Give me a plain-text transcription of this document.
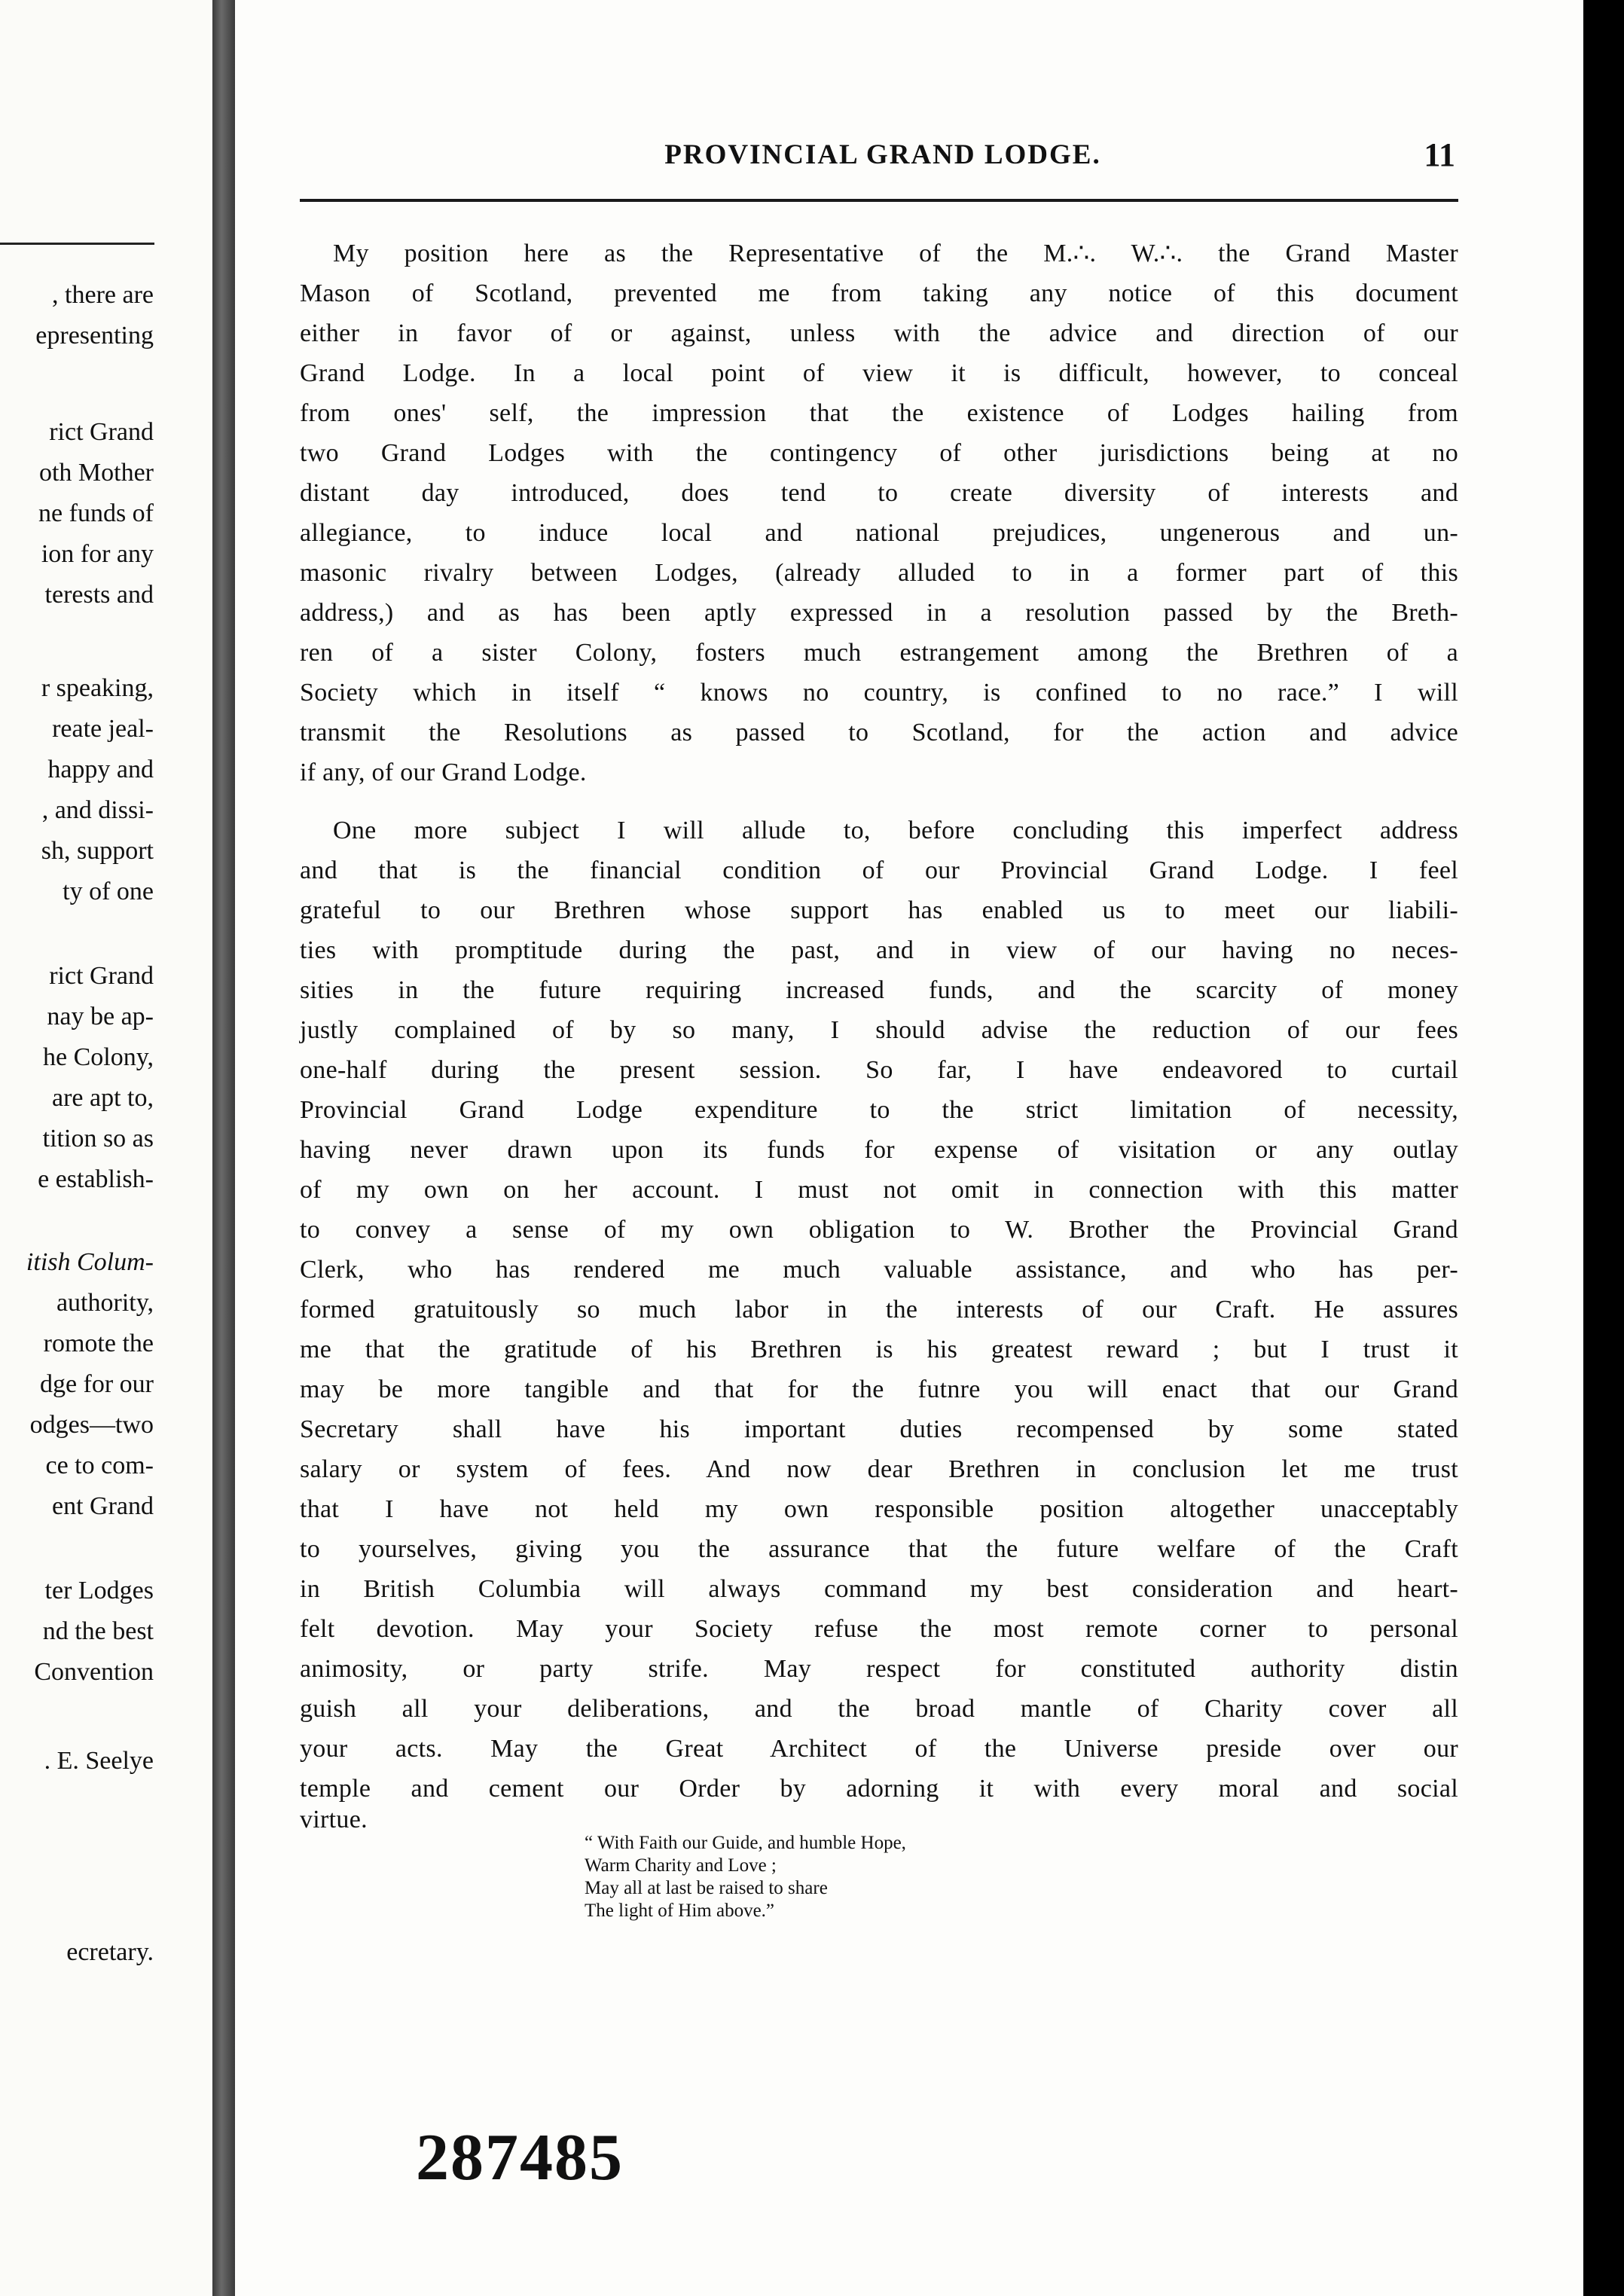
, there are
epresenting
rict Grand
oth Mother
ne funds of
ion for any
terests and
r speaking,
reate jeal-
happy and
, and dissi-
sh, support
ty of one
rict Grand
nay be ap-
he Colony,
are apt to,
tition so as
e establish-
itish Colum-
authority,
romote the
dge for our
odges—two
ce to com-
ent Grand
ter Lodges
nd the best
Convention
. E. Seelye
ecretary.
PROVINCIAL GRAND LODGE.	11
My position here as the Representative of the M.∴. W.∴. the Grand Master
Mason of Scotland, prevented me from taking any notice of this document
either in favor of or against, unless with the advice and direction of our
Grand Lodge. In a local point of view it is difficult, however, to conceal
from ones' self, the impression that the existence of Lodges hailing from
two Grand Lodges with the contingency of other jurisdictions being at no
distant day introduced, does tend to create diversity of interests and
allegiance, to induce local and national prejudices, ungenerous and un-
masonic rivalry between Lodges, (already alluded to in a former part of this
address,) and as has been aptly expressed in a resolution passed by the Breth-
ren of a sister Colony, fosters much estrangement among the Brethren of a
Society which in itself “ knows no country, is confined to no race.” I will
transmit the Resolutions as passed to Scotland, for the action and advice
if any, of our Grand Lodge.
One more subject I will allude to, before concluding this imperfect address
and that is the financial condition of our Provincial Grand Lodge. I feel
grateful to our Brethren whose support has enabled us to meet our liabili-
ties with promptitude during the past, and in view of our having no neces-
sities in the future requiring increased funds, and the scarcity of money
justly complained of by so many, I should advise the reduction of our fees
one-half during the present session. So far, I have endeavored to curtail
Provincial Grand Lodge expenditure to the strict limitation of necessity,
having never drawn upon its funds for expense of visitation or any outlay
of my own on her account. I must not omit in connection with this matter
to convey a sense of my own obligation to W. Brother the Provincial Grand
Clerk, who has rendered me much valuable assistance, and who has per-
formed gratuitously so much labor in the interests of our Craft. He assures
me that the gratitude of his Brethren is his greatest reward ; but I trust it
may be more tangible and that for the futnre you will enact that our Grand
Secretary shall have his important duties recompensed by some stated
salary or system of fees. And now dear Brethren in conclusion let me trust
that I have not held my own responsible position altogether unacceptably
to yourselves, giving you the assurance that the future welfare of the Craft
in British Columbia will always command my best consideration and heart-
felt devotion. May your Society refuse the most remote corner to personal
animosity, or party strife. May respect for constituted authority distin
guish all your deliberations, and the broad mantle of Charity cover all
your acts. May the Great Architect of the Universe preside over our
temple and cement our Order by adorning it with every moral and social
virtue.
“ With Faith our Guide, and humble Hope,
Warm Charity and Love ;
May all at last be raised to share
The light of Him above.”
287485
